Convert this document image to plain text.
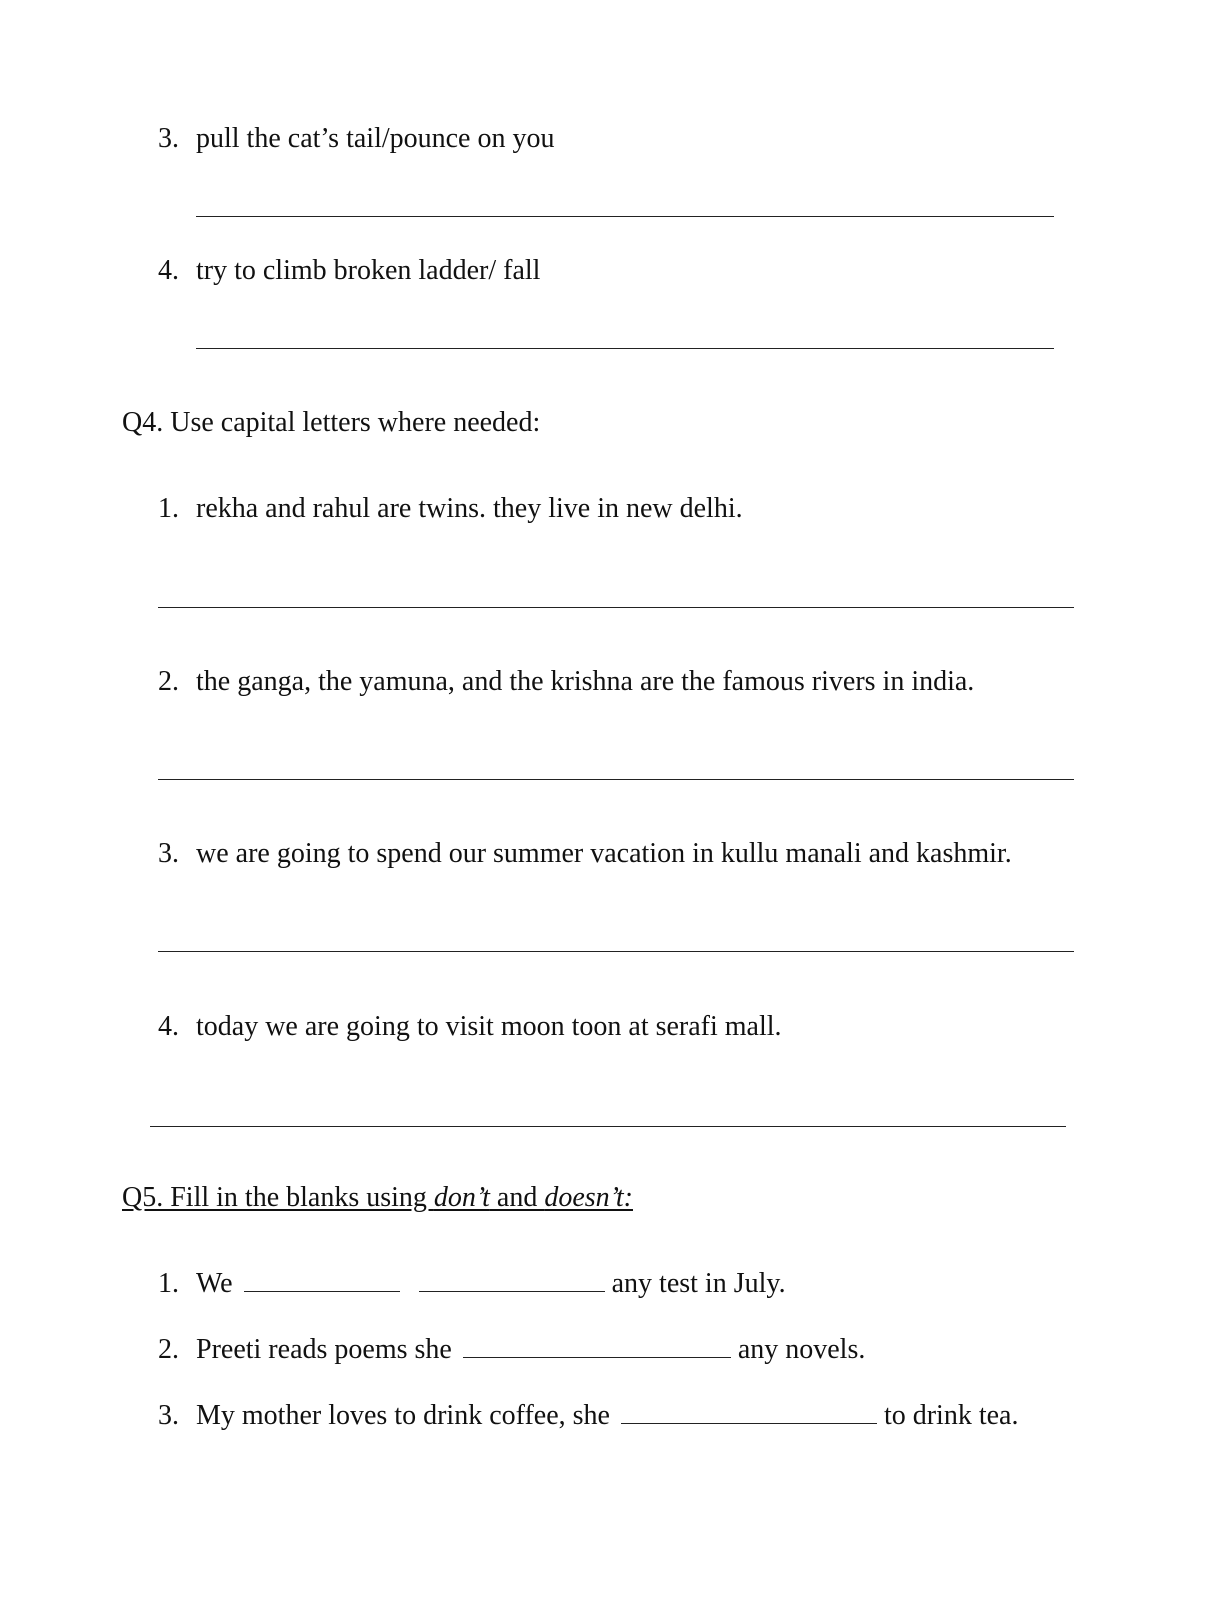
3. pull the cat’s tail/pounce on you
4. try to climb broken ladder/ fall
Q4. Use capital letters where needed:
1. rekha and rahul are twins. they live in new delhi.
2. the ganga, the yamuna, and the krishna are the famous rivers in india.
3. we are going to spend our summer vacation in kullu manali and kashmir.
4. today we are going to visit moon toon at serafi mall.
Q5. Fill in the blanks using don’t and doesn’t:
1. We	any test in July.
2. Preeti reads poems she	any novels.
3. My mother loves to drink coffee, she	to drink tea.
